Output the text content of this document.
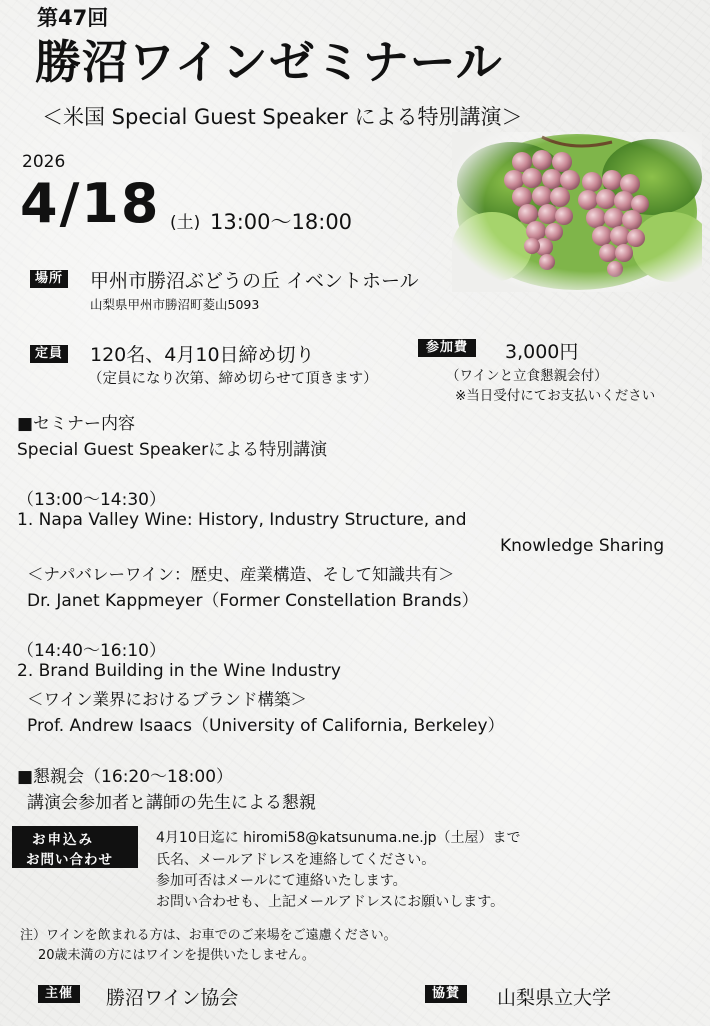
第47回
勝沼ワインゼミナール
＜米国 Special Guest Speaker による特別講演＞
2026
4/18 (土) 13:00〜18:00
場所 甲州市勝沼ぶどうの丘 イベントホール
山梨県甲州市勝沼町菱山5093
定員 120名、4月10日締め切り
（定員になり次第、締め切らせて頂きます）
参加費	3,000円
（ワインと立食懇親会付）
※当日受付にてお支払いください
■セミナー内容
Special Guest Speakerによる特別講演
（13:00〜14:30）
1. Napa Valley Wine: History, Industry Structure, and
Knowledge Sharing
＜ナパバレーワイン：歴史、産業構造、そして知識共有＞
Dr. Janet Kappmeyer（Former Constellation Brands）
（14:40〜16:10）
2. Brand Building in the Wine Industry
＜ワイン業界におけるブランド構築＞
Prof. Andrew Isaacs（University of California, Berkeley）
■懇親会（16:20〜18:00）
講演会参加者と講師の先生による懇親
お申込み
お問い合わせ
4月10日迄に hiromi58@katsunuma.ne.jp（土屋）まで
氏名、メールアドレスを連絡してください。
参加可否はメールにて連絡いたします。
お問い合わせも、上記メールアドレスにお願いします。
注）ワインを飲まれる方は、お車でのご来場をご遠慮ください。
20歳未満の方にはワインを提供いたしません。
主催	勝沼ワイン協会	協賛	山梨県立大学
